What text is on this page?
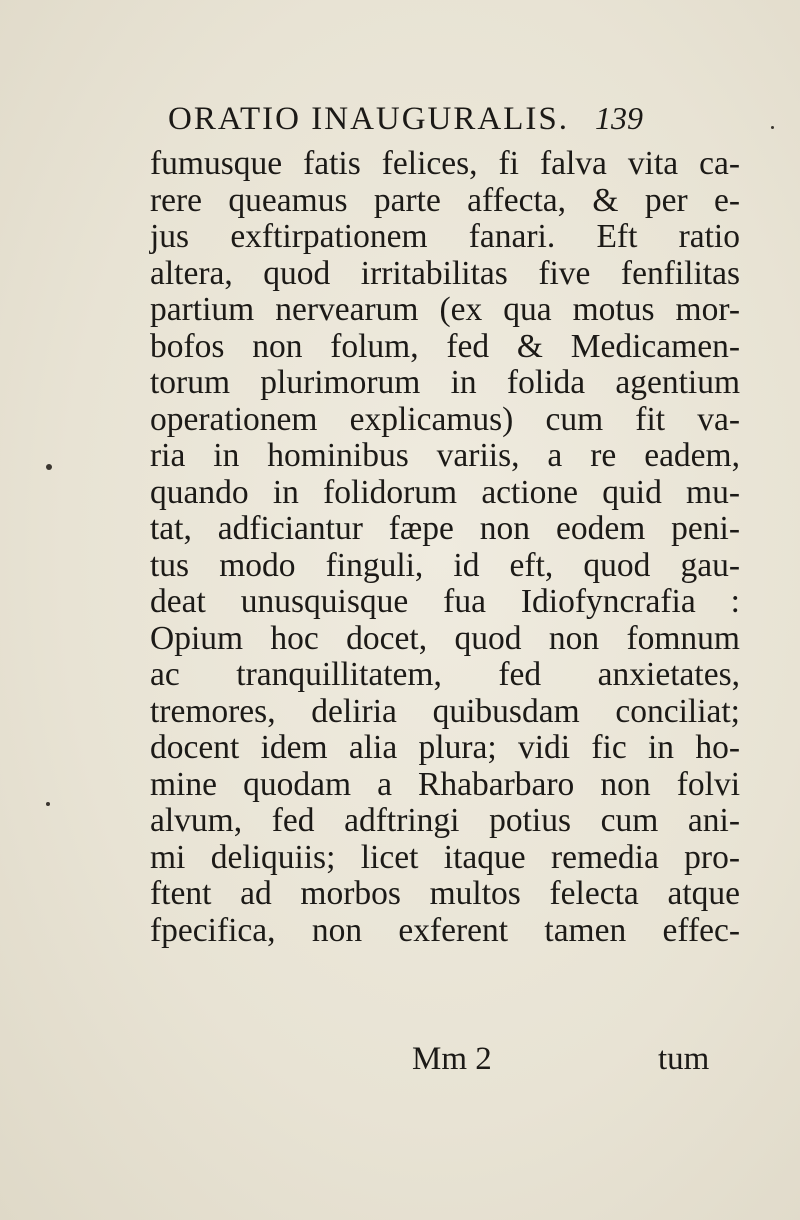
ORATIO INAUGURALIS. 139
fumusque fatis felices, fi falva vita ca-
rere queamus parte affecta, & per e-
jus exftirpationem fanari. Eft ratio
altera, quod irritabilitas five fenfilitas
partium nervearum (ex qua motus mor-
bofos non folum, fed & Medicamen-
torum plurimorum in folida agentium
operationem explicamus) cum fit va-
ria in hominibus variis, a re eadem,
quando in folidorum actione quid mu-
tat, adficiantur fæpe non eodem peni-
tus modo finguli, id eft, quod gau-
deat unusquisque fua Idiofyncrafia :
Opium hoc docet, quod non fomnum
ac tranquillitatem, fed anxietates,
tremores, deliria quibusdam conciliat;
docent idem alia plura; vidi fic in ho-
mine quodam a Rhabarbaro non folvi
alvum, fed adftringi potius cum ani-
mi deliquiis; licet itaque remedia pro-
ftent ad morbos multos felecta atque
fpecifica, non exferent tamen effec-
Mm 2	tum
